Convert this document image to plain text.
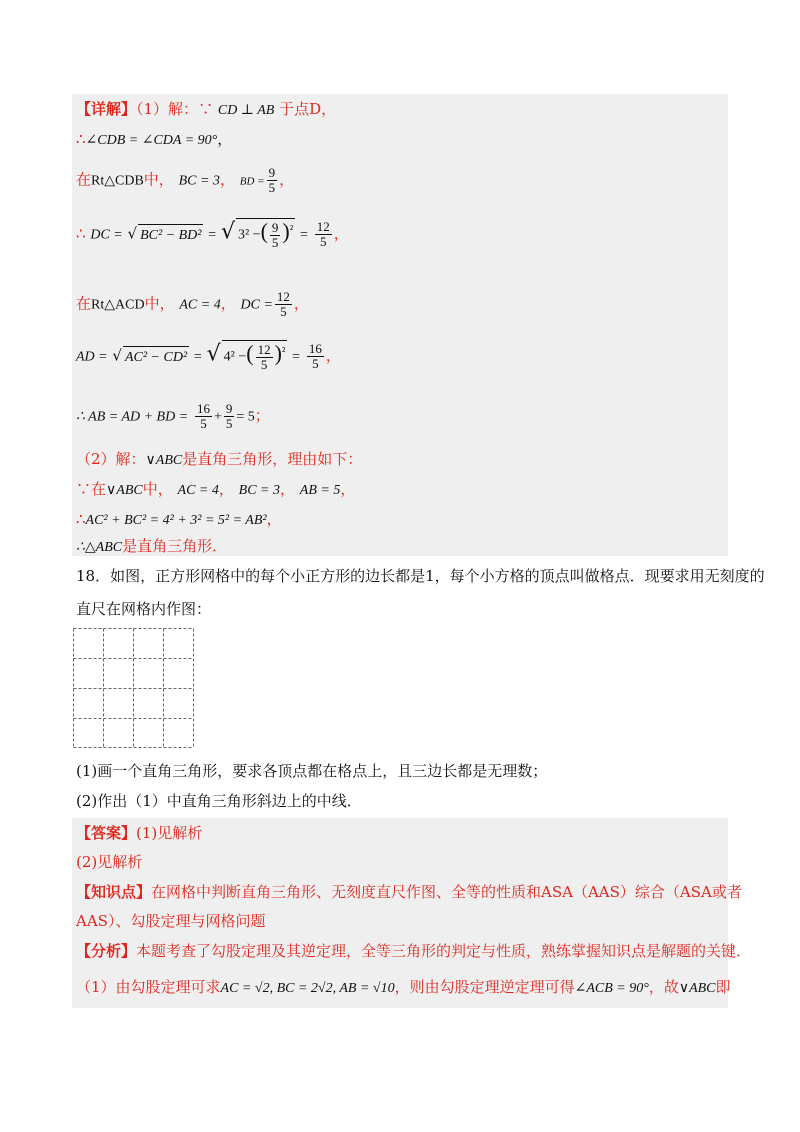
【详解】（1）解：∵ CD ⊥ AB 于点D，
∴∠CDB = ∠CDA = 90°，
在Rt△CDB中， BC = 3， BD = $\frac{9}{5}$ ，
∴ DC = √ BC² − BD² = √ 3² −( $\frac{9}{5} )^{^2} = \frac{12}{5}$ ，
在Rt△ACD中， AC = 4， DC = $\frac{12}{5}$ ，
AD = √ AC² − CD² = √ 4² −( $\frac{12}{5} )^{^2} = \frac{16}{5}$ ，
∴ AB = AD + BD = $\frac{16}{5} + \frac{9}{5} = 5$；
（2）解：∨ABC是直角三角形，理由如下：
∵在∨ABC中， AC = 4， BC = 3， AB = 5，
∴AC² + BC² = 4² + 3² = 5² = AB²，
∴△ABC是直角三角形．
18．如图，正方形网格中的每个小正方形的边长都是1，每个小方格的顶点叫做格点．现要求用无刻度的
直尺在网格内作图：
(1)画一个直角三角形，要求各顶点都在格点上，且三边长都是无理数；
(2)作出（1）中直角三角形斜边上的中线．
【答案】(1)见解析
(2)见解析
【知识点】在网格中判断直角三角形、无刻度直尺作图、全等的性质和ASA（AAS）综合（ASA或者
AAS）、勾股定理与网格问题
【分析】本题考查了勾股定理及其逆定理，全等三角形的判定与性质，熟练掌握知识点是解题的关键．
（1）由勾股定理可求AC = √2, BC = 2√2, AB = √10，则由勾股定理逆定理可得∠ACB = 90°，故∨ABC即
